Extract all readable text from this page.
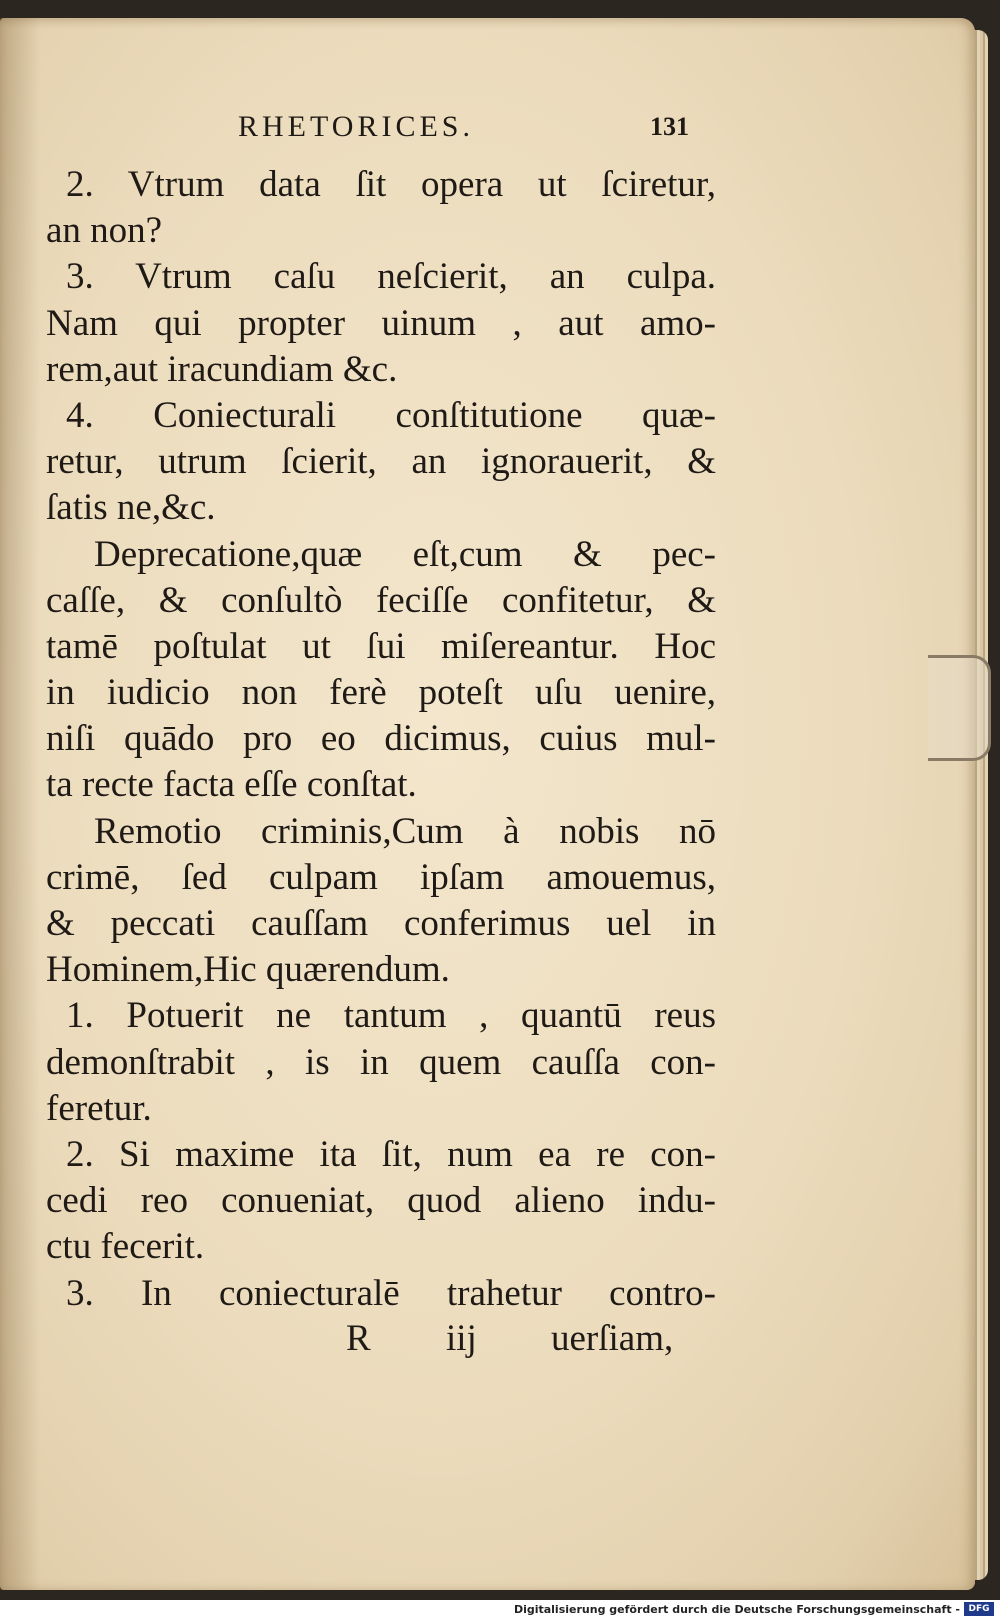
RHETORICES.	131
2. Vtrum data ſit opera ut ſciretur,
an non?
3. Vtrum caſu neſcierit, an culpa.
Nam qui propter uinum , aut amo-
rem,aut iracundiam &c.
4. Coniecturali conſtitutione quæ-
retur, utrum ſcierit, an ignorauerit, &
ſatis ne,&c.
Deprecatione,quæ eſt,cum & pec-
caſſe, & conſultò feciſſe confitetur, &
tamē poſtulat ut ſui miſereantur. Hoc
in iudicio non ferè poteſt uſu uenire,
niſi quādo pro eo dicimus, cuius mul-
ta recte facta eſſe conſtat.
Remotio criminis,Cum à nobis nō
crimē, ſed culpam ipſam amouemus,
& peccati cauſſam conferimus uel in
Hominem,Hic quærendum.
1. Potuerit ne tantum , quantū reus
demonſtrabit , is in quem cauſſa con-
feretur.
2. Si maxime ita ſit, num ea re con-
cedi reo conueniat, quod alieno indu-
ctu fecerit.
3. In coniecturalē trahetur contro-
R iij uerſiam,
Digitalisierung gefördert durch die Deutsche Forschungsgemeinschaft - DFG
